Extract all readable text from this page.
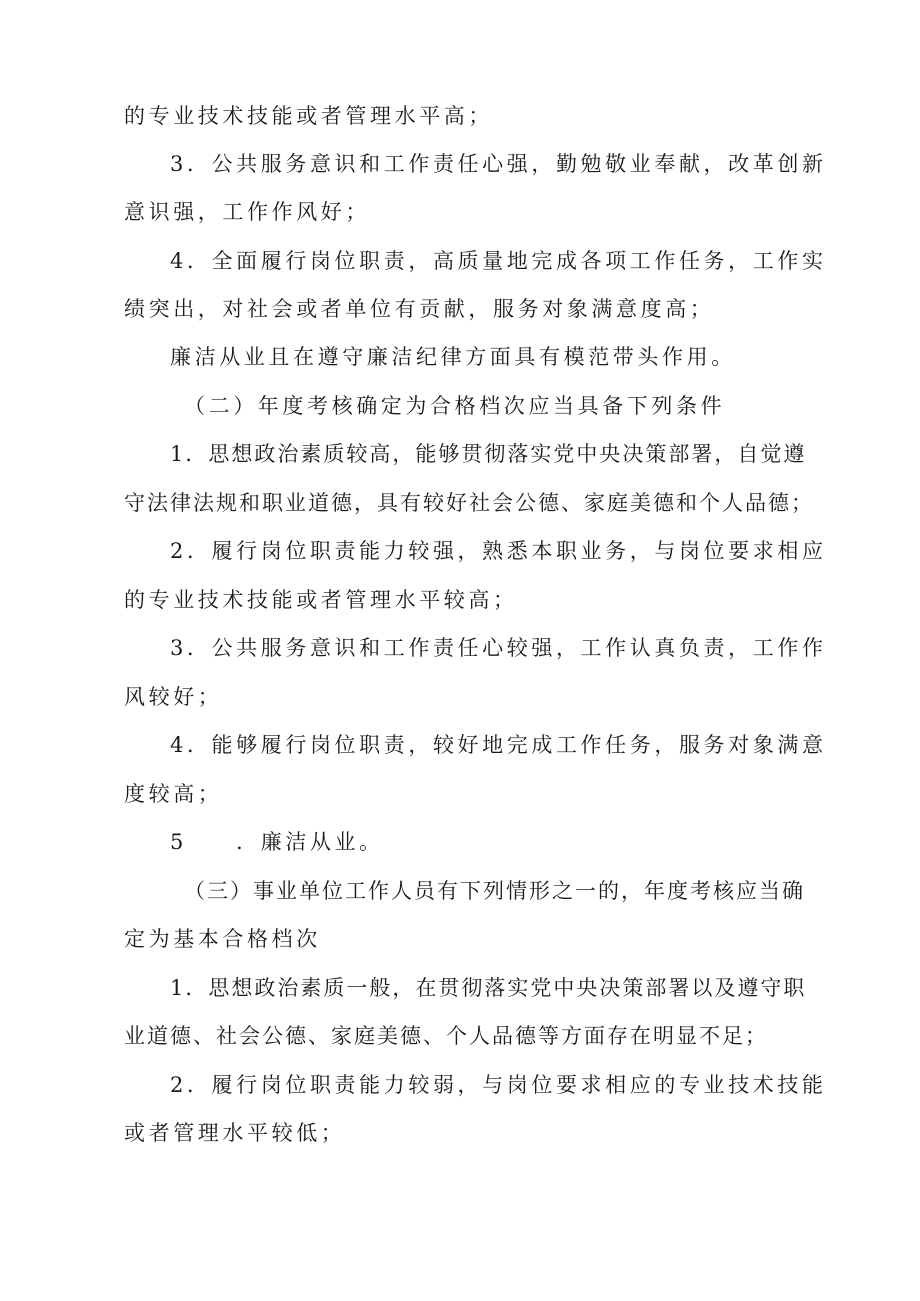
的专业技术技能或者管理水平高；
3．公共服务意识和工作责任心强，勤勉敬业奉献，改革创新
意识强，工作作风好；
4．全面履行岗位职责，高质量地完成各项工作任务，工作实
绩突出，对社会或者单位有贡献，服务对象满意度高；
廉洁从业且在遵守廉洁纪律方面具有模范带头作用。
（二）年度考核确定为合格档次应当具备下列条件
1．思想政治素质较高，能够贯彻落实党中央决策部署，自觉遵
守法律法规和职业道德，具有较好社会公德、家庭美德和个人品德；
2．履行岗位职责能力较强，熟悉本职业务，与岗位要求相应
的专业技术技能或者管理水平较高；
3．公共服务意识和工作责任心较强，工作认真负责，工作作
风较好；
4．能够履行岗位职责，较好地完成工作任务，服务对象满意
度较高；
5　　．廉洁从业。
（三）事业单位工作人员有下列情形之一的，年度考核应当确
定为基本合格档次
1．思想政治素质一般，在贯彻落实党中央决策部署以及遵守职
业道德、社会公德、家庭美德、个人品德等方面存在明显不足；
2．履行岗位职责能力较弱，与岗位要求相应的专业技术技能
或者管理水平较低；
